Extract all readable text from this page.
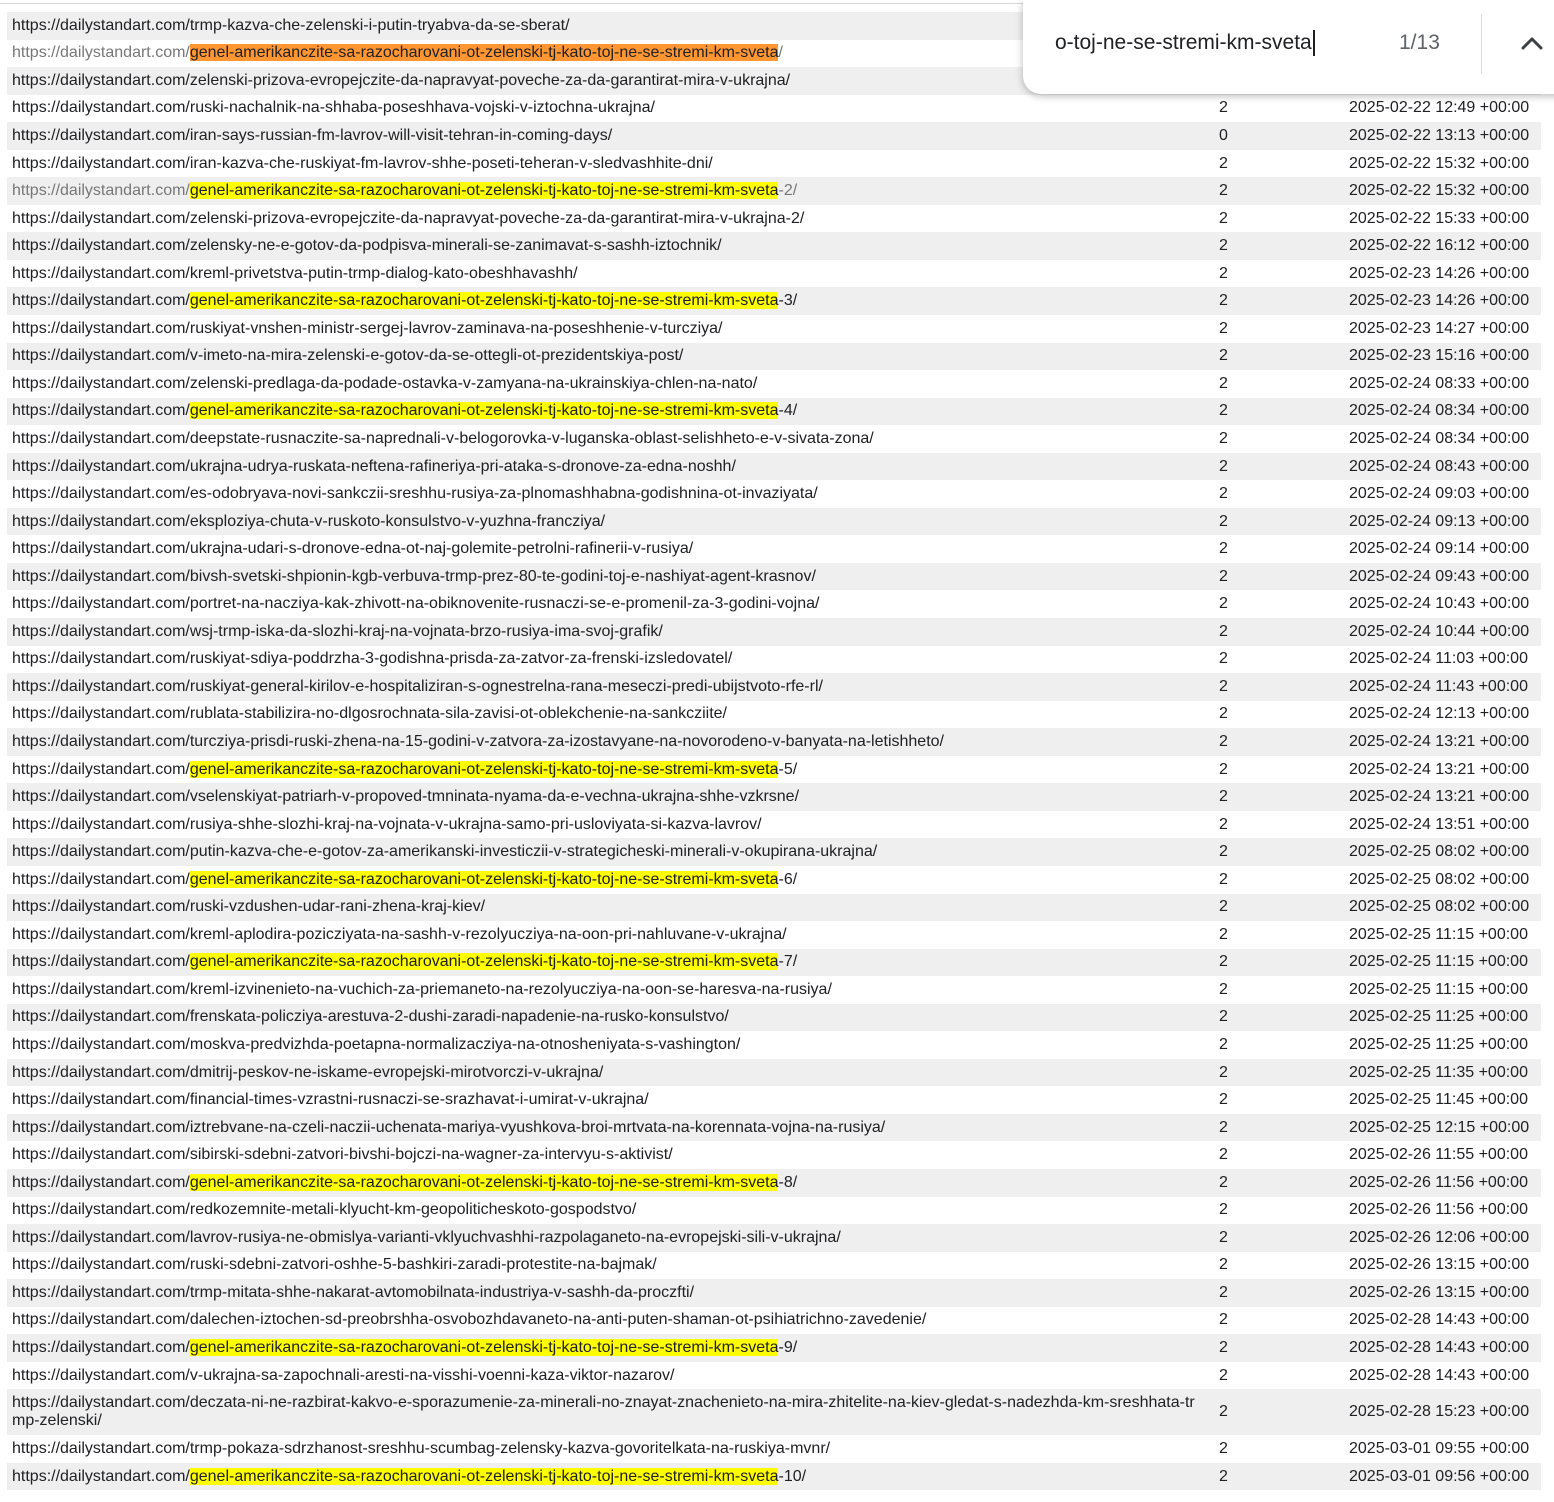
https://dailystandart.com/trmp-kazva-che-zelenski-i-putin-tryabva-da-se-sberat/		
https://dailystandart.com/genel-amerikanczite-sa-razocharovani-ot-zelenski-tj-kato-toj-ne-se-stremi-km-sveta/		
https://dailystandart.com/zelenski-prizova-evropejczite-da-napravyat-poveche-za-da-garantirat-mira-v-ukrajna/		
https://dailystandart.com/ruski-nachalnik-na-shhaba-poseshhava-vojski-v-iztochna-ukrajna/	2	2025-02-22 12:49 +00:00
https://dailystandart.com/iran-says-russian-fm-lavrov-will-visit-tehran-in-coming-days/	0	2025-02-22 13:13 +00:00
https://dailystandart.com/iran-kazva-che-ruskiyat-fm-lavrov-shhe-poseti-teheran-v-sledvashhite-dni/	2	2025-02-22 15:32 +00:00
https://dailystandart.com/genel-amerikanczite-sa-razocharovani-ot-zelenski-tj-kato-toj-ne-se-stremi-km-sveta-2/	2	2025-02-22 15:32 +00:00
https://dailystandart.com/zelenski-prizova-evropejczite-da-napravyat-poveche-za-da-garantirat-mira-v-ukrajna-2/	2	2025-02-22 15:33 +00:00
https://dailystandart.com/zelensky-ne-e-gotov-da-podpisva-minerali-se-zanimavat-s-sashh-iztochnik/	2	2025-02-22 16:12 +00:00
https://dailystandart.com/kreml-privetstva-putin-trmp-dialog-kato-obeshhavashh/	2	2025-02-23 14:26 +00:00
https://dailystandart.com/genel-amerikanczite-sa-razocharovani-ot-zelenski-tj-kato-toj-ne-se-stremi-km-sveta-3/	2	2025-02-23 14:26 +00:00
https://dailystandart.com/ruskiyat-vnshen-ministr-sergej-lavrov-zaminava-na-poseshhenie-v-turcziya/	2	2025-02-23 14:27 +00:00
https://dailystandart.com/v-imeto-na-mira-zelenski-e-gotov-da-se-ottegli-ot-prezidentskiya-post/	2	2025-02-23 15:16 +00:00
https://dailystandart.com/zelenski-predlaga-da-podade-ostavka-v-zamyana-na-ukrainskiya-chlen-na-nato/	2	2025-02-24 08:33 +00:00
https://dailystandart.com/genel-amerikanczite-sa-razocharovani-ot-zelenski-tj-kato-toj-ne-se-stremi-km-sveta-4/	2	2025-02-24 08:34 +00:00
https://dailystandart.com/deepstate-rusnaczite-sa-naprednali-v-belogorovka-v-luganska-oblast-selishheto-e-v-sivata-zona/	2	2025-02-24 08:34 +00:00
https://dailystandart.com/ukrajna-udrya-ruskata-neftena-rafineriya-pri-ataka-s-dronove-za-edna-noshh/	2	2025-02-24 08:43 +00:00
https://dailystandart.com/es-odobryava-novi-sankczii-sreshhu-rusiya-za-plnomashhabna-godishnina-ot-invaziyata/	2	2025-02-24 09:03 +00:00
https://dailystandart.com/eksploziya-chuta-v-ruskoto-konsulstvo-v-yuzhna-francziya/	2	2025-02-24 09:13 +00:00
https://dailystandart.com/ukrajna-udari-s-dronove-edna-ot-naj-golemite-petrolni-rafinerii-v-rusiya/	2	2025-02-24 09:14 +00:00
https://dailystandart.com/bivsh-svetski-shpionin-kgb-verbuva-trmp-prez-80-te-godini-toj-e-nashiyat-agent-krasnov/	2	2025-02-24 09:43 +00:00
https://dailystandart.com/portret-na-nacziya-kak-zhivott-na-obiknovenite-rusnaczi-se-e-promenil-za-3-godini-vojna/	2	2025-02-24 10:43 +00:00
https://dailystandart.com/wsj-trmp-iska-da-slozhi-kraj-na-vojnata-brzo-rusiya-ima-svoj-grafik/	2	2025-02-24 10:44 +00:00
https://dailystandart.com/ruskiyat-sdiya-poddrzha-3-godishna-prisda-za-zatvor-za-frenski-izsledovatel/	2	2025-02-24 11:03 +00:00
https://dailystandart.com/ruskiyat-general-kirilov-e-hospitaliziran-s-ognestrelna-rana-meseczi-predi-ubijstvoto-rfe-rl/	2	2025-02-24 11:43 +00:00
https://dailystandart.com/rublata-stabilizira-no-dlgosrochnata-sila-zavisi-ot-oblekchenie-na-sankcziite/	2	2025-02-24 12:13 +00:00
https://dailystandart.com/turcziya-prisdi-ruski-zhena-na-15-godini-v-zatvora-za-izostavyane-na-novorodeno-v-banyata-na-letishheto/	2	2025-02-24 13:21 +00:00
https://dailystandart.com/genel-amerikanczite-sa-razocharovani-ot-zelenski-tj-kato-toj-ne-se-stremi-km-sveta-5/	2	2025-02-24 13:21 +00:00
https://dailystandart.com/vselenskiyat-patriarh-v-propoved-tmninata-nyama-da-e-vechna-ukrajna-shhe-vzkrsne/	2	2025-02-24 13:21 +00:00
https://dailystandart.com/rusiya-shhe-slozhi-kraj-na-vojnata-v-ukrajna-samo-pri-usloviyata-si-kazva-lavrov/	2	2025-02-24 13:51 +00:00
https://dailystandart.com/putin-kazva-che-e-gotov-za-amerikanski-investiczii-v-strategicheski-minerali-v-okupirana-ukrajna/	2	2025-02-25 08:02 +00:00
https://dailystandart.com/genel-amerikanczite-sa-razocharovani-ot-zelenski-tj-kato-toj-ne-se-stremi-km-sveta-6/	2	2025-02-25 08:02 +00:00
https://dailystandart.com/ruski-vzdushen-udar-rani-zhena-kraj-kiev/	2	2025-02-25 08:02 +00:00
https://dailystandart.com/kreml-aplodira-pozicziyata-na-sashh-v-rezolyucziya-na-oon-pri-nahluvane-v-ukrajna/	2	2025-02-25 11:15 +00:00
https://dailystandart.com/genel-amerikanczite-sa-razocharovani-ot-zelenski-tj-kato-toj-ne-se-stremi-km-sveta-7/	2	2025-02-25 11:15 +00:00
https://dailystandart.com/kreml-izvinenieto-na-vuchich-za-priemaneto-na-rezolyucziya-na-oon-se-haresva-na-rusiya/	2	2025-02-25 11:15 +00:00
https://dailystandart.com/frenskata-policziya-arestuva-2-dushi-zaradi-napadenie-na-rusko-konsulstvo/	2	2025-02-25 11:25 +00:00
https://dailystandart.com/moskva-predvizhda-poetapna-normalizacziya-na-otnosheniyata-s-vashington/	2	2025-02-25 11:25 +00:00
https://dailystandart.com/dmitrij-peskov-ne-iskame-evropejski-mirotvorczi-v-ukrajna/	2	2025-02-25 11:35 +00:00
https://dailystandart.com/financial-times-vzrastni-rusnaczi-se-srazhavat-i-umirat-v-ukrajna/	2	2025-02-25 11:45 +00:00
https://dailystandart.com/iztrebvane-na-czeli-naczii-uchenata-mariya-vyushkova-broi-mrtvata-na-korennata-vojna-na-rusiya/	2	2025-02-25 12:15 +00:00
https://dailystandart.com/sibirski-sdebni-zatvori-bivshi-bojczi-na-wagner-za-intervyu-s-aktivist/	2	2025-02-26 11:55 +00:00
https://dailystandart.com/genel-amerikanczite-sa-razocharovani-ot-zelenski-tj-kato-toj-ne-se-stremi-km-sveta-8/	2	2025-02-26 11:56 +00:00
https://dailystandart.com/redkozemnite-metali-klyucht-km-geopoliticheskoto-gospodstvo/	2	2025-02-26 11:56 +00:00
https://dailystandart.com/lavrov-rusiya-ne-obmislya-varianti-vklyuchvashhi-razpolaganeto-na-evropejski-sili-v-ukrajna/	2	2025-02-26 12:06 +00:00
https://dailystandart.com/ruski-sdebni-zatvori-oshhe-5-bashkiri-zaradi-protestite-na-bajmak/	2	2025-02-26 13:15 +00:00
https://dailystandart.com/trmp-mitata-shhe-nakarat-avtomobilnata-industriya-v-sashh-da-proczfti/	2	2025-02-26 13:15 +00:00
https://dailystandart.com/dalechen-iztochen-sd-preobrshha-osvobozhdavaneto-na-anti-puten-shaman-ot-psihiatrichno-zavedenie/	2	2025-02-28 14:43 +00:00
https://dailystandart.com/genel-amerikanczite-sa-razocharovani-ot-zelenski-tj-kato-toj-ne-se-stremi-km-sveta-9/	2	2025-02-28 14:43 +00:00
https://dailystandart.com/v-ukrajna-sa-zapochnali-aresti-na-visshi-voenni-kaza-viktor-nazarov/	2	2025-02-28 14:43 +00:00
https://dailystandart.com/deczata-ni-ne-razbirat-kakvo-e-sporazumenie-za-minerali-no-znayat-znachenieto-na-mira-zhitelite-na-kiev-gledat-s-nadezhda-km-sreshhata-trmp-zelenski/	2	2025-02-28 15:23 +00:00
https://dailystandart.com/trmp-pokaza-sdrzhanost-sreshhu-scumbag-zelensky-kazva-govoritelkata-na-ruskiya-mvnr/	2	2025-03-01 09:55 +00:00
https://dailystandart.com/genel-amerikanczite-sa-razocharovani-ot-zelenski-tj-kato-toj-ne-se-stremi-km-sveta-10/	2	2025-03-01 09:56 +00:00
o-toj-ne-se-stremi-km-sveta	1/13
